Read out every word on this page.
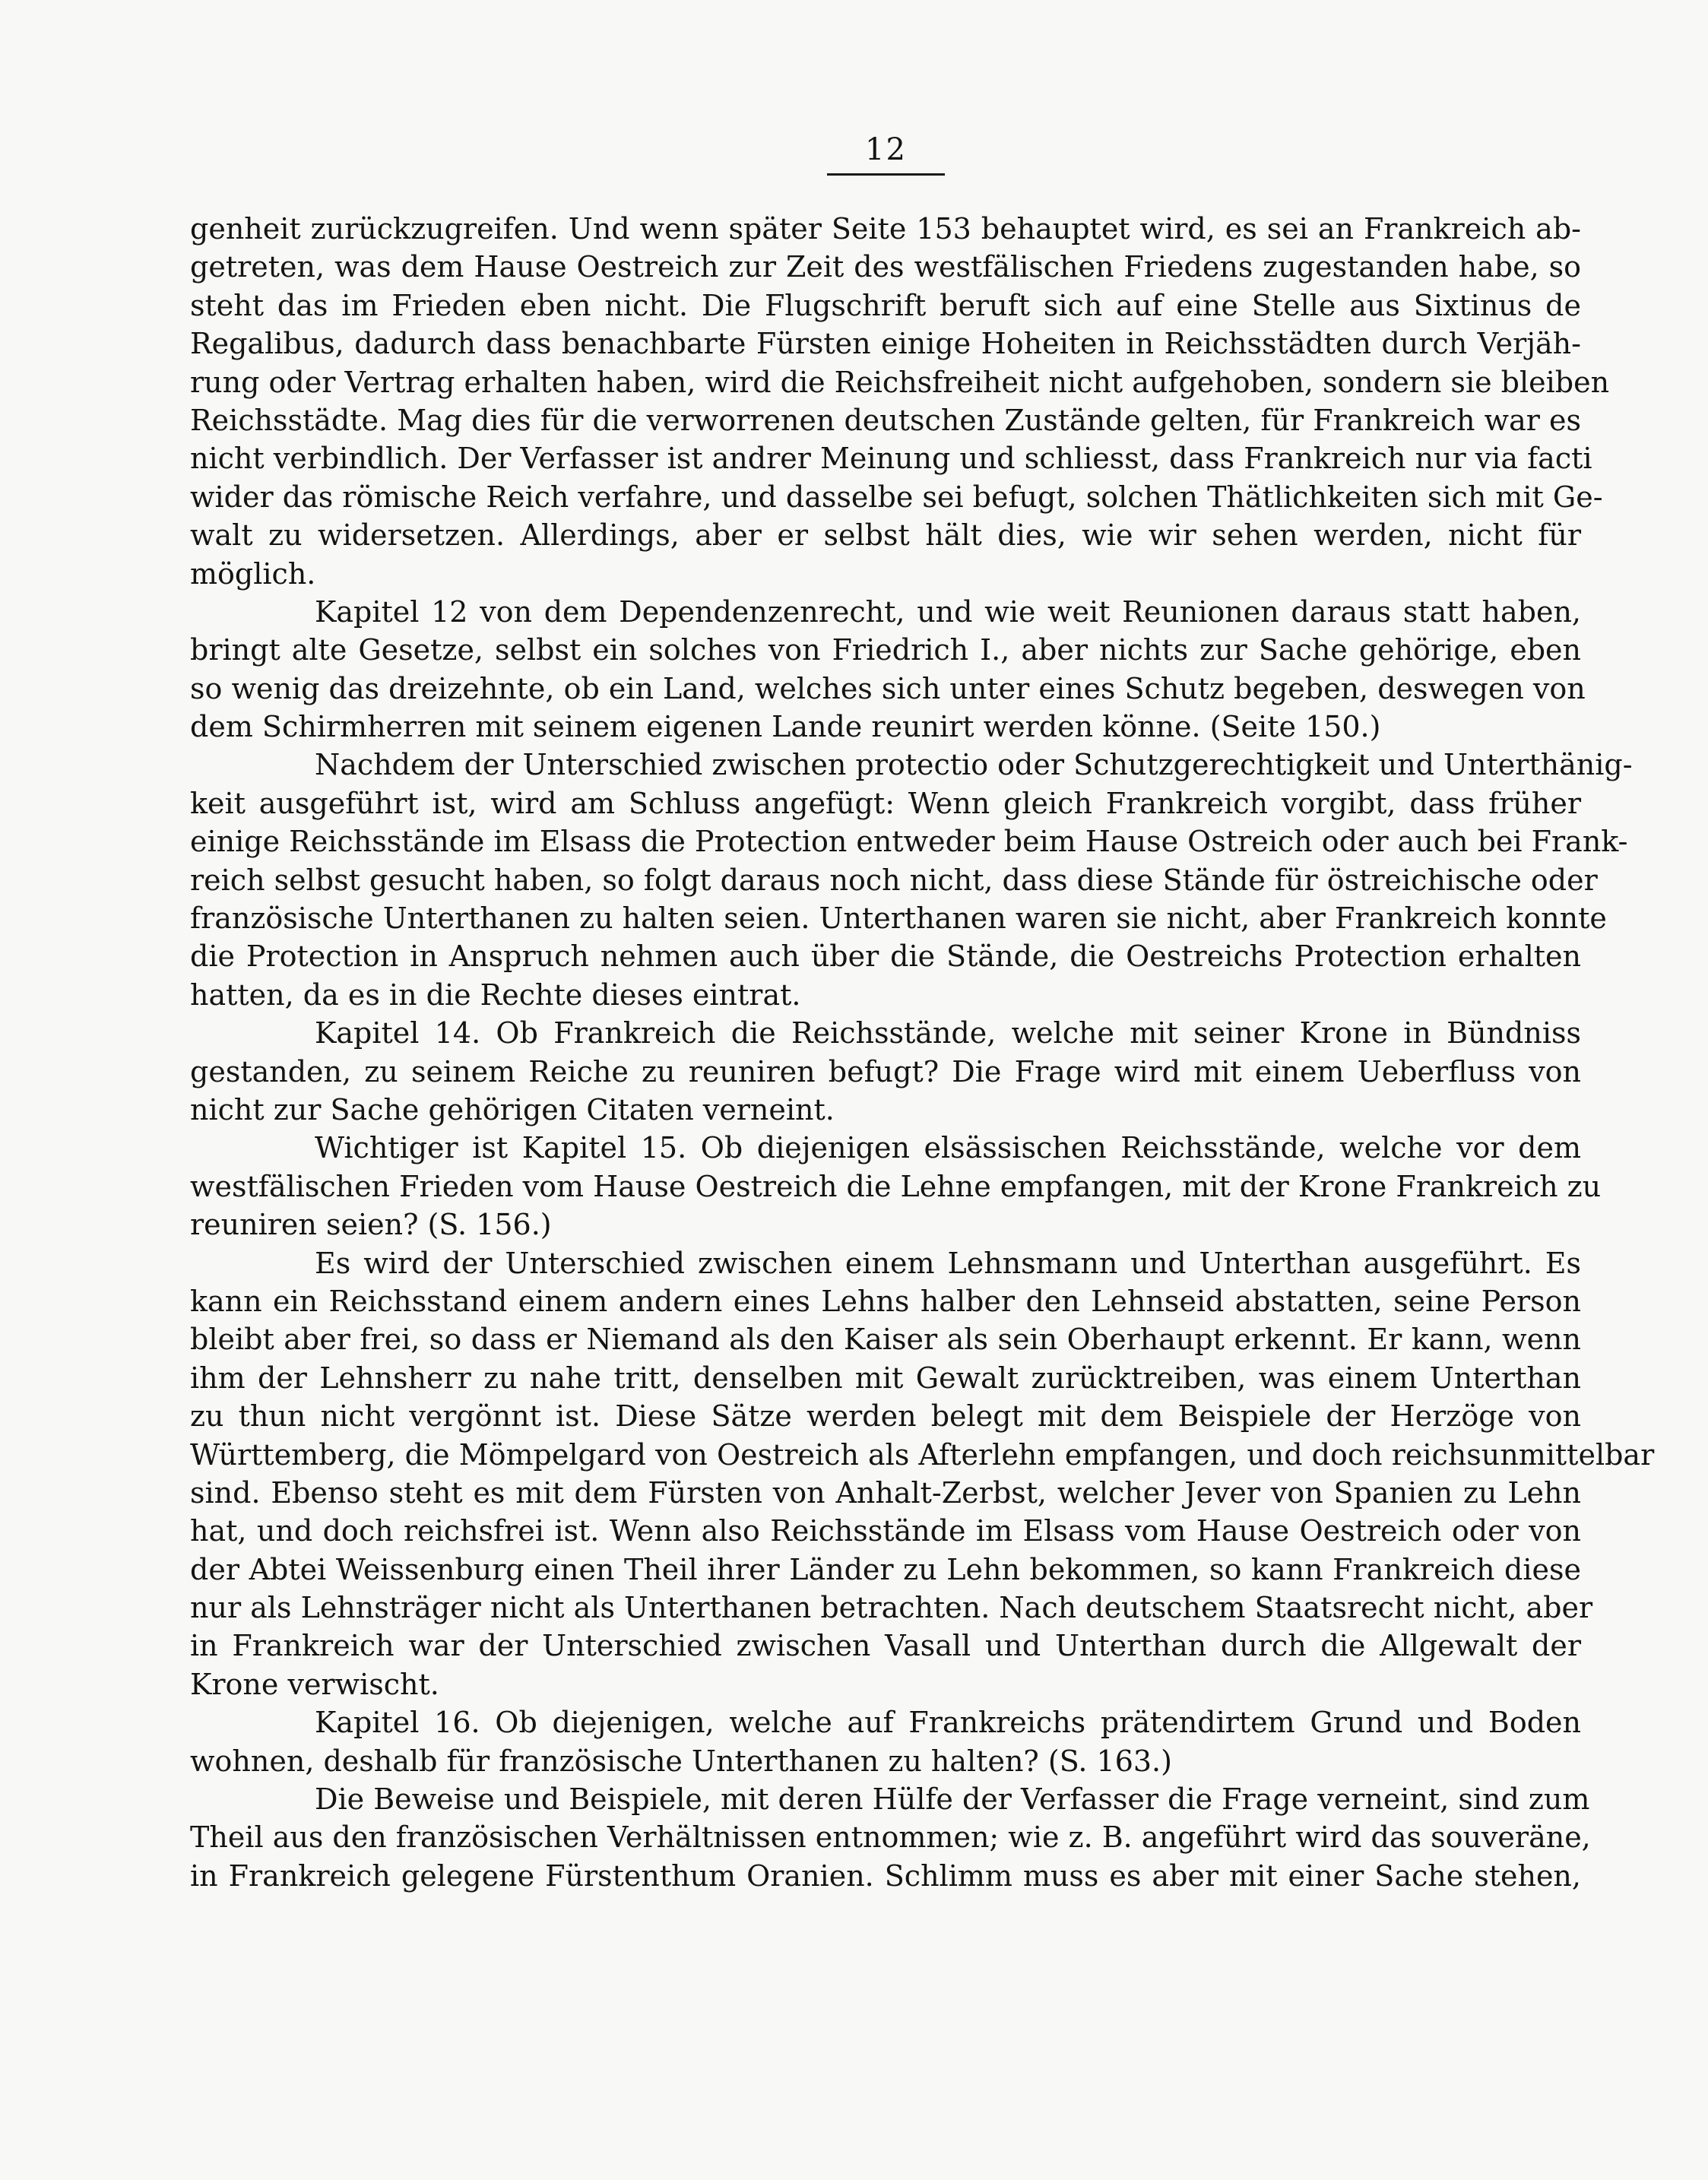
12
genheit zurückzugreifen. Und wenn später Seite 153 behauptet wird, es sei an Frankreich ab-
getreten, was dem Hause Oestreich zur Zeit des westfälischen Friedens zugestanden habe, so
steht das im Frieden eben nicht. Die Flugschrift beruft sich auf eine Stelle aus Sixtinus de
Regalibus, dadurch dass benachbarte Fürsten einige Hoheiten in Reichsstädten durch Verjäh-
rung oder Vertrag erhalten haben, wird die Reichsfreiheit nicht aufgehoben, sondern sie bleiben
Reichsstädte. Mag dies für die verworrenen deutschen Zustände gelten, für Frankreich war es
nicht verbindlich. Der Verfasser ist andrer Meinung und schliesst, dass Frankreich nur via facti
wider das römische Reich verfahre, und dasselbe sei befugt, solchen Thätlichkeiten sich mit Ge-
walt zu widersetzen. Allerdings, aber er selbst hält dies, wie wir sehen werden, nicht für
möglich.
Kapitel 12 von dem Dependenzenrecht, und wie weit Reunionen daraus statt haben,
bringt alte Gesetze, selbst ein solches von Friedrich I., aber nichts zur Sache gehörige, eben
so wenig das dreizehnte, ob ein Land, welches sich unter eines Schutz begeben, deswegen von
dem Schirmherren mit seinem eigenen Lande reunirt werden könne. (Seite 150.)
Nachdem der Unterschied zwischen protectio oder Schutzgerechtigkeit und Unterthänig-
keit ausgeführt ist, wird am Schluss angefügt: Wenn gleich Frankreich vorgibt, dass früher
einige Reichsstände im Elsass die Protection entweder beim Hause Ostreich oder auch bei Frank-
reich selbst gesucht haben, so folgt daraus noch nicht, dass diese Stände für östreichische oder
französische Unterthanen zu halten seien. Unterthanen waren sie nicht, aber Frankreich konnte
die Protection in Anspruch nehmen auch über die Stände, die Oestreichs Protection erhalten
hatten, da es in die Rechte dieses eintrat.
Kapitel 14. Ob Frankreich die Reichsstände, welche mit seiner Krone in Bündniss
gestanden, zu seinem Reiche zu reuniren befugt? Die Frage wird mit einem Ueberfluss von
nicht zur Sache gehörigen Citaten verneint.
Wichtiger ist Kapitel 15. Ob diejenigen elsässischen Reichsstände, welche vor dem
westfälischen Frieden vom Hause Oestreich die Lehne empfangen, mit der Krone Frankreich zu
reuniren seien? (S. 156.)
Es wird der Unterschied zwischen einem Lehnsmann und Unterthan ausgeführt. Es
kann ein Reichsstand einem andern eines Lehns halber den Lehnseid abstatten, seine Person
bleibt aber frei, so dass er Niemand als den Kaiser als sein Oberhaupt erkennt. Er kann, wenn
ihm der Lehnsherr zu nahe tritt, denselben mit Gewalt zurücktreiben, was einem Unterthan
zu thun nicht vergönnt ist. Diese Sätze werden belegt mit dem Beispiele der Herzöge von
Württemberg, die Mömpelgard von Oestreich als Afterlehn empfangen, und doch reichsunmittelbar
sind. Ebenso steht es mit dem Fürsten von Anhalt-Zerbst, welcher Jever von Spanien zu Lehn
hat, und doch reichsfrei ist. Wenn also Reichsstände im Elsass vom Hause Oestreich oder von
der Abtei Weissenburg einen Theil ihrer Länder zu Lehn bekommen, so kann Frankreich diese
nur als Lehnsträger nicht als Unterthanen betrachten. Nach deutschem Staatsrecht nicht, aber
in Frankreich war der Unterschied zwischen Vasall und Unterthan durch die Allgewalt der
Krone verwischt.
Kapitel 16. Ob diejenigen, welche auf Frankreichs prätendirtem Grund und Boden
wohnen, deshalb für französische Unterthanen zu halten? (S. 163.)
Die Beweise und Beispiele, mit deren Hülfe der Verfasser die Frage verneint, sind zum
Theil aus den französischen Verhältnissen entnommen; wie z. B. angeführt wird das souveräne,
in Frankreich gelegene Fürstenthum Oranien. Schlimm muss es aber mit einer Sache stehen,
